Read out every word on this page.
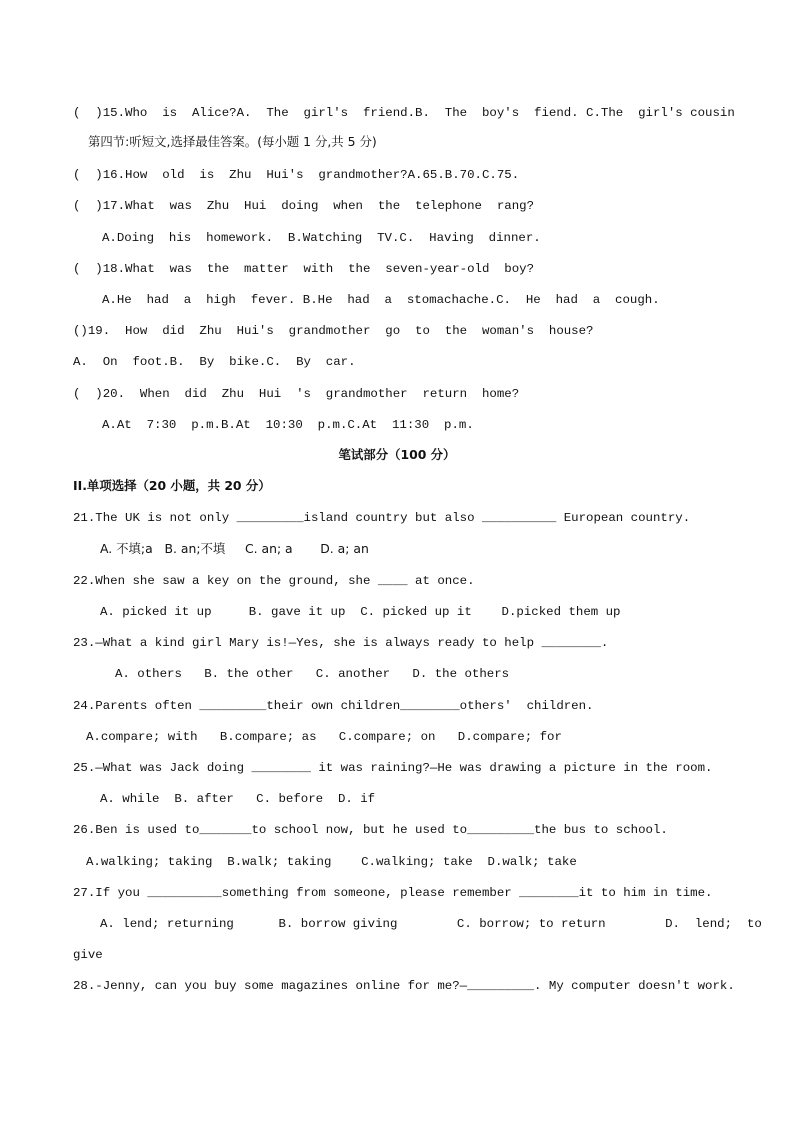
(  )15.Who  is  Alice?A.  The  girl's  friend.B.  The  boy's  fiend. C.The  girl's cousin
第四节:听短文,选择最佳答案。(每小题 1 分,共 5 分)
(  )16.How  old  is  Zhu  Hui's  grandmother?A.65.B.70.C.75.
(  )17.What  was  Zhu  Hui  doing  when  the  telephone  rang?
A.Doing  his  homework.  B.Watching  TV.C.  Having  dinner.
(  )18.What  was  the  matter  with  the  seven-year-old  boy?
A.He  had  a  high  fever. B.He  had  a  stomachache.C.  He  had  a  cough.
()19.  How  did  Zhu  Hui's  grandmother  go  to  the  woman's  house?
A.  On  foot.B.  By  bike.C.  By  car.
(  )20.  When  did  Zhu  Hui  's  grandmother  return  home?
A.At  7:30  p.m.B.At  10:30  p.m.C.At  11:30  p.m.
笔试部分（100 分）
II.单项选择（20 小题，共 20 分）
21.The UK is not only _________island country but also __________ European country.
A. 不填;a   B. an;不填     C. an; a       D. a; an
22.When she saw a key on the ground, she ____ at once.
A. picked it up     B. gave it up  C. picked up it    D.picked them up
23.—What a kind girl Mary is!—Yes, she is always ready to help ________.
A. others   B. the other   C. another   D. the others
24.Parents often _________their own children________others'  children.
A.compare; with   B.compare; as   C.compare; on   D.compare; for
25.—What was Jack doing ________ it was raining?—He was drawing a picture in the room.
A. while  B. after   C. before  D. if
26.Ben is used to_______to school now, but he used to_________the bus to school.
A.walking; taking  B.walk; taking    C.walking; take  D.walk; take
27.If you __________something from someone, please remember ________it to him in time.
A. lend; returning      B. borrow giving        C. borrow; to return        D.  lend;  to
give
28.-Jenny, can you buy some magazines online for me?—_________. My computer doesn't work.
